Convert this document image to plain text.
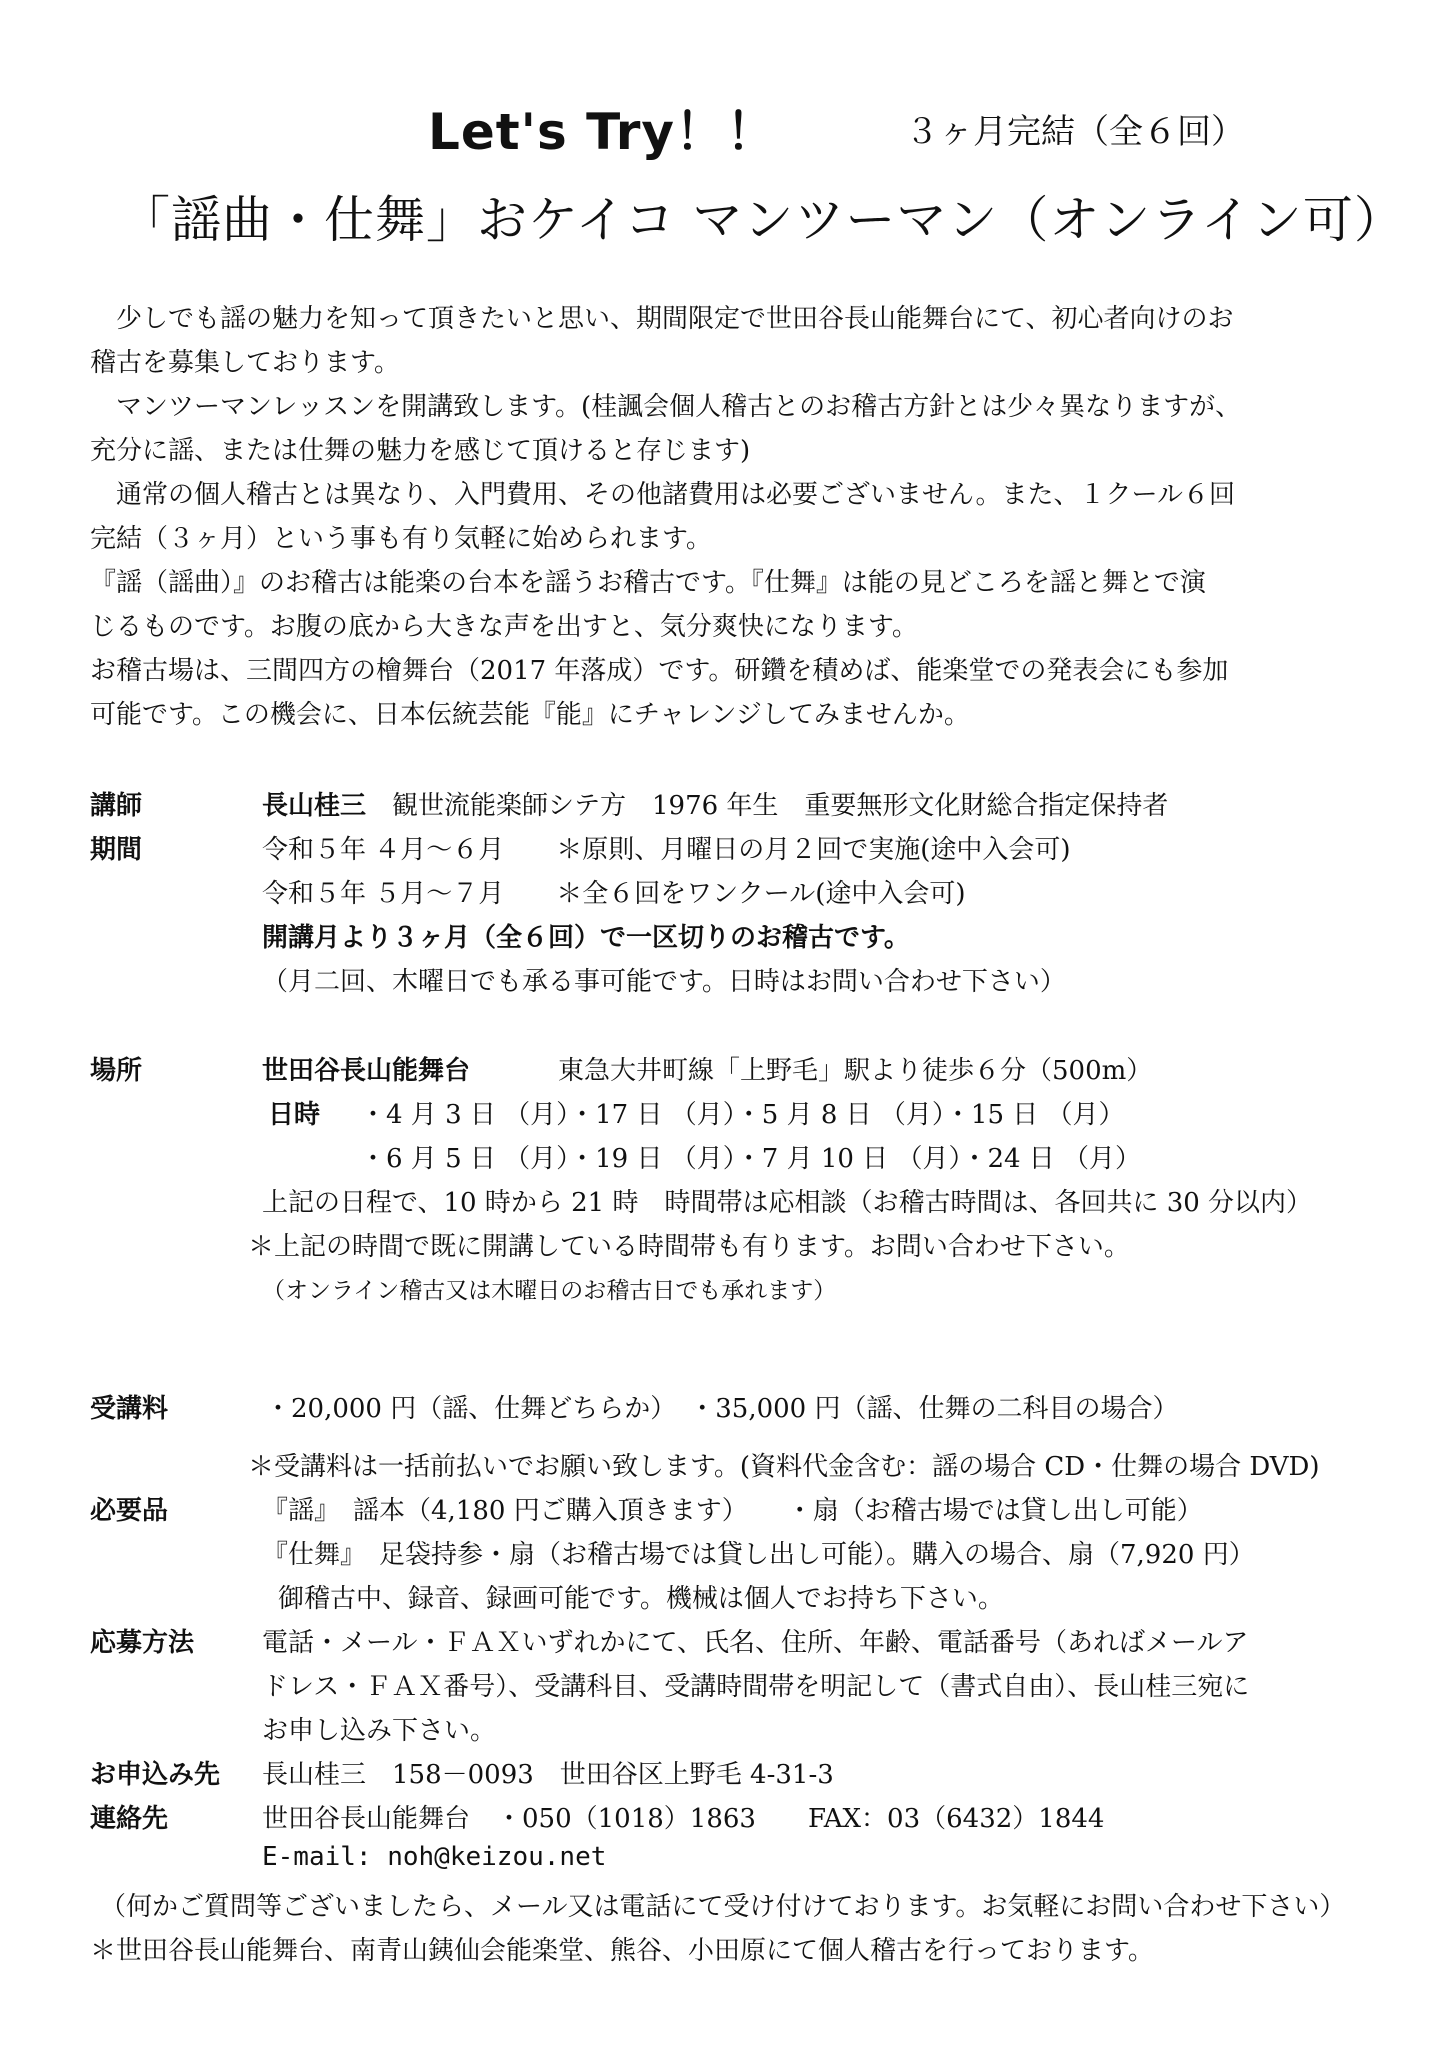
Let's Try！！	３ヶ月完結（全６回）
「謡曲・仕舞」おケイコ マンツーマン（オンライン可）
　少しでも謡の魅力を知って頂きたいと思い、期間限定で世田谷長山能舞台にて、初心者向けのお
稽古を募集しております。
　マンツーマンレッスンを開講致します。(桂諷会個人稽古とのお稽古方針とは少々異なりますが、
充分に謡、または仕舞の魅力を感じて頂けると存じます)
　通常の個人稽古とは異なり、入門費用、その他諸費用は必要ございません。また、１クール６回
完結（３ヶ月）という事も有り気軽に始められます。
『謡（謡曲）』のお稽古は能楽の台本を謡うお稽古です。『仕舞』は能の見どころを謡と舞とで演
じるものです。お腹の底から大きな声を出すと、気分爽快になります。
お稽古場は、三間四方の檜舞台（2017 年落成）です。研鑽を積めば、能楽堂での発表会にも参加
可能です。この機会に、日本伝統芸能『能』にチャレンジしてみませんか。
講師	長山桂三 観世流能楽師シテ方　1976 年生　重要無形文化財総合指定保持者
期間	令和５年 ４月～６月　　＊原則、月曜日の月２回で実施(途中入会可)
令和５年 ５月～７月　　＊全６回をワンクール(途中入会可)
開講月より３ヶ月（全６回）で一区切りのお稽古です。
（月二回、木曜日でも承る事可能です。日時はお問い合わせ下さい）
場所	世田谷長山能舞台	東急大井町線「上野毛」駅より徒歩６分（500m）
日時 ・4 月 3 日 （月）・17 日 （月）・5 月 8 日 （月）・15 日 （月）
・6 月 5 日 （月）・19 日 （月）・7 月 10 日 （月）・24 日 （月）
上記の日程で、10 時から 21 時　時間帯は応相談（お稽古時間は、各回共に 30 分以内）
＊上記の時間で既に開講している時間帯も有ります。お問い合わせ下さい。
（オンライン稽古又は木曜日のお稽古日でも承れます）
受講料	・20,000 円（謡、仕舞どちらか）　・35,000 円（謡、仕舞の二科目の場合）
＊受講料は一括前払いでお願い致します。(資料代金含む：謡の場合 CD・仕舞の場合 DVD)
必要品	『謡』　謡本（4,180 円ご購入頂きます）　　・扇（お稽古場では貸し出し可能）
『仕舞』　足袋持参・扇（お稽古場では貸し出し可能）。購入の場合、扇（7,920 円）
御稽古中、録音、録画可能です。機械は個人でお持ち下さい。
応募方法	電話・メール・ＦＡＸいずれかにて、氏名、住所、年齢、電話番号（あればメールア
ドレス・ＦＡＸ番号）、受講科目、受講時間帯を明記して（書式自由）、長山桂三宛に
お申し込み下さい。
お申込み先 長山桂三　158－0093　世田谷区上野毛 4-31-3
連絡先	世田谷長山能舞台　・050（1018）1863　　FAX：03（6432）1844
E-mail: noh@keizou.net
（何かご質問等ございましたら、メール又は電話にて受け付けております。お気軽にお問い合わせ下さい）
＊世田谷長山能舞台、南青山銕仙会能楽堂、熊谷、小田原にて個人稽古を行っております。
